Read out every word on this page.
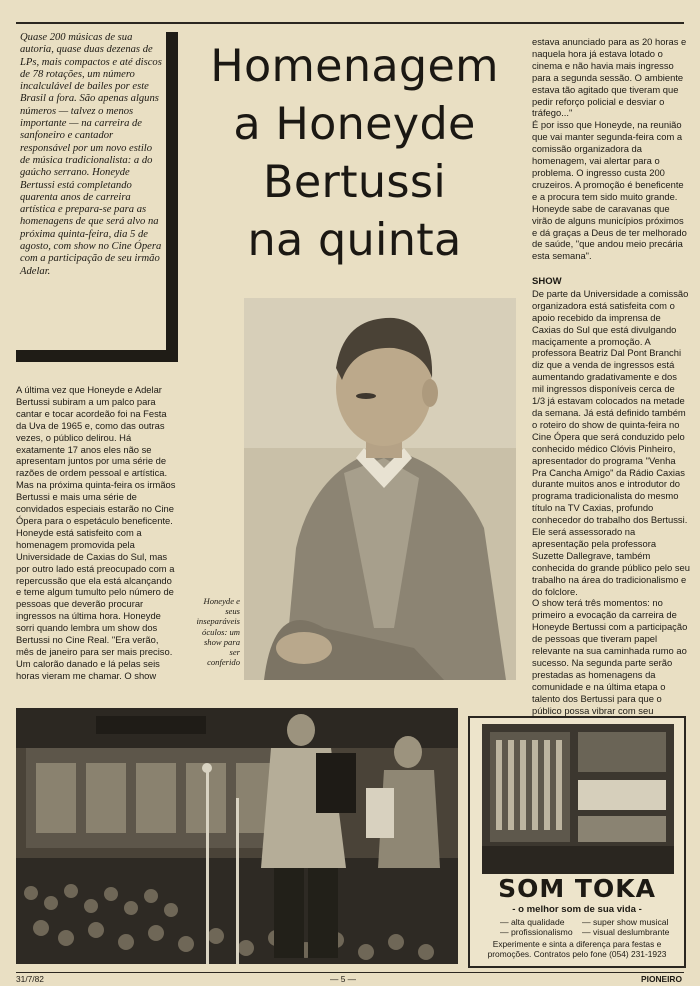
Quase 200 músicas de sua autoria, quase duas dezenas de LPs, mais compactos e até discos de 78 rotações, um número incalculável de bailes por este Brasil a fora. São apenas alguns números — talvez o menos importante — na carreira de sanfoneiro e cantador responsável por um novo estilo de música tradicionalista: a do gaúcho serrano. Honeyde Bertussi está completando quarenta anos de carreira artística e prepara-se para as homenagens de que será alvo na próxima quinta-feira, dia 5 de agosto, com show no Cine Ópera com a participação de seu irmão Adelar.
Homenagem
a Honeyde
Bertussi
na quinta

estava anunciado para as 20 horas e naquela hora já estava lotado o cinema e não havia mais ingresso para a segunda sessão. O ambiente estava tão agitado que tiveram que pedir reforço policial e desviar o tráfego..."

É por isso que Honeyde, na reunião que vai manter segunda-feira com a comissão organizadora da homenagem, vai alertar para o problema. O ingresso custa 200 cruzeiros. A promoção é beneficente e a procura tem sido muito grande. Honeyde sabe de caravanas que virão de alguns municípios próximos e dá graças a Deus de ter melhorado de saúde, "que andou meio precária esta semana".

SHOW

De parte da Universidade a comissão organizadora está satisfeita com o apoio recebido da imprensa de Caxias do Sul que está divulgando maciçamente a promoção. A professora Beatriz Dal Pont Branchi diz que a venda de ingressos está aumentando gradativamente e dos mil ingressos disponíveis cerca de 1/3 já estavam colocados na metade da semana. Já está definido também o roteiro do show de quinta-feira no Cine Ópera que será conduzido pelo conhecido médico Clóvis Pinheiro, apresentador do programa "Venha Pra Cancha Amigo" da Rádio Caxias durante muitos anos e introdutor do programa tradicionalista do mesmo título na TV Caxias, profundo conhecedor do trabalho dos Bertussi. Ele será assessorado na apresentação pela professora Suzette Dallegrave, também conhecida do grande público pelo seu trabalho na área do tradicionalismo e do folclore.

O show terá três momentos: no primeiro a evocação da carreira de Honeyde Bertussi com a participação de pessoas que tiveram papel relevante na sua caminhada rumo ao sucesso. Na segunda parte serão prestadas as homenagens da comunidade e na última etapa o talento dos Bertussi para que o público possa vibrar com seu

A última vez que Honeyde e Adelar Bertussi subiram a um palco para cantar e tocar acordeão foi na Festa da Uva de 1965 e, como das outras vezes, o público delirou. Há exatamente 17 anos eles não se apresentam juntos por uma série de razões de ordem pessoal e artística. Mas na próxima quinta-feira os irmãos Bertussi e mais uma série de convidados especiais estarão no Cine Ópera para o espetáculo beneficente.

Honeyde está satisfeito com a homenagem promovida pela Universidade de Caxias do Sul, mas por outro lado está preocupado com a repercussão que ela está alcançando e teme algum tumulto pelo número de pessoas que deverão procurar ingressos na última hora. Honeyde sorri quando lembra um show dos Bertussi no Cine Real. "Era verão, mês de janeiro para ser mais preciso. Um calorão danado e lá pelas seis horas vieram me chamar. O show

Honeyde e seus inseparáveis óculos: um show para ser conferido
SOM TOKA
- o melhor som de sua vida -
— alta qualidade
— profissionalismo
— super show musical
— visual deslumbrante
Experimente e sinta a diferença para festas e promoções. Contratos pelo fone (054) 231-1923
31/7/82	— 5 —	PIONEIRO
